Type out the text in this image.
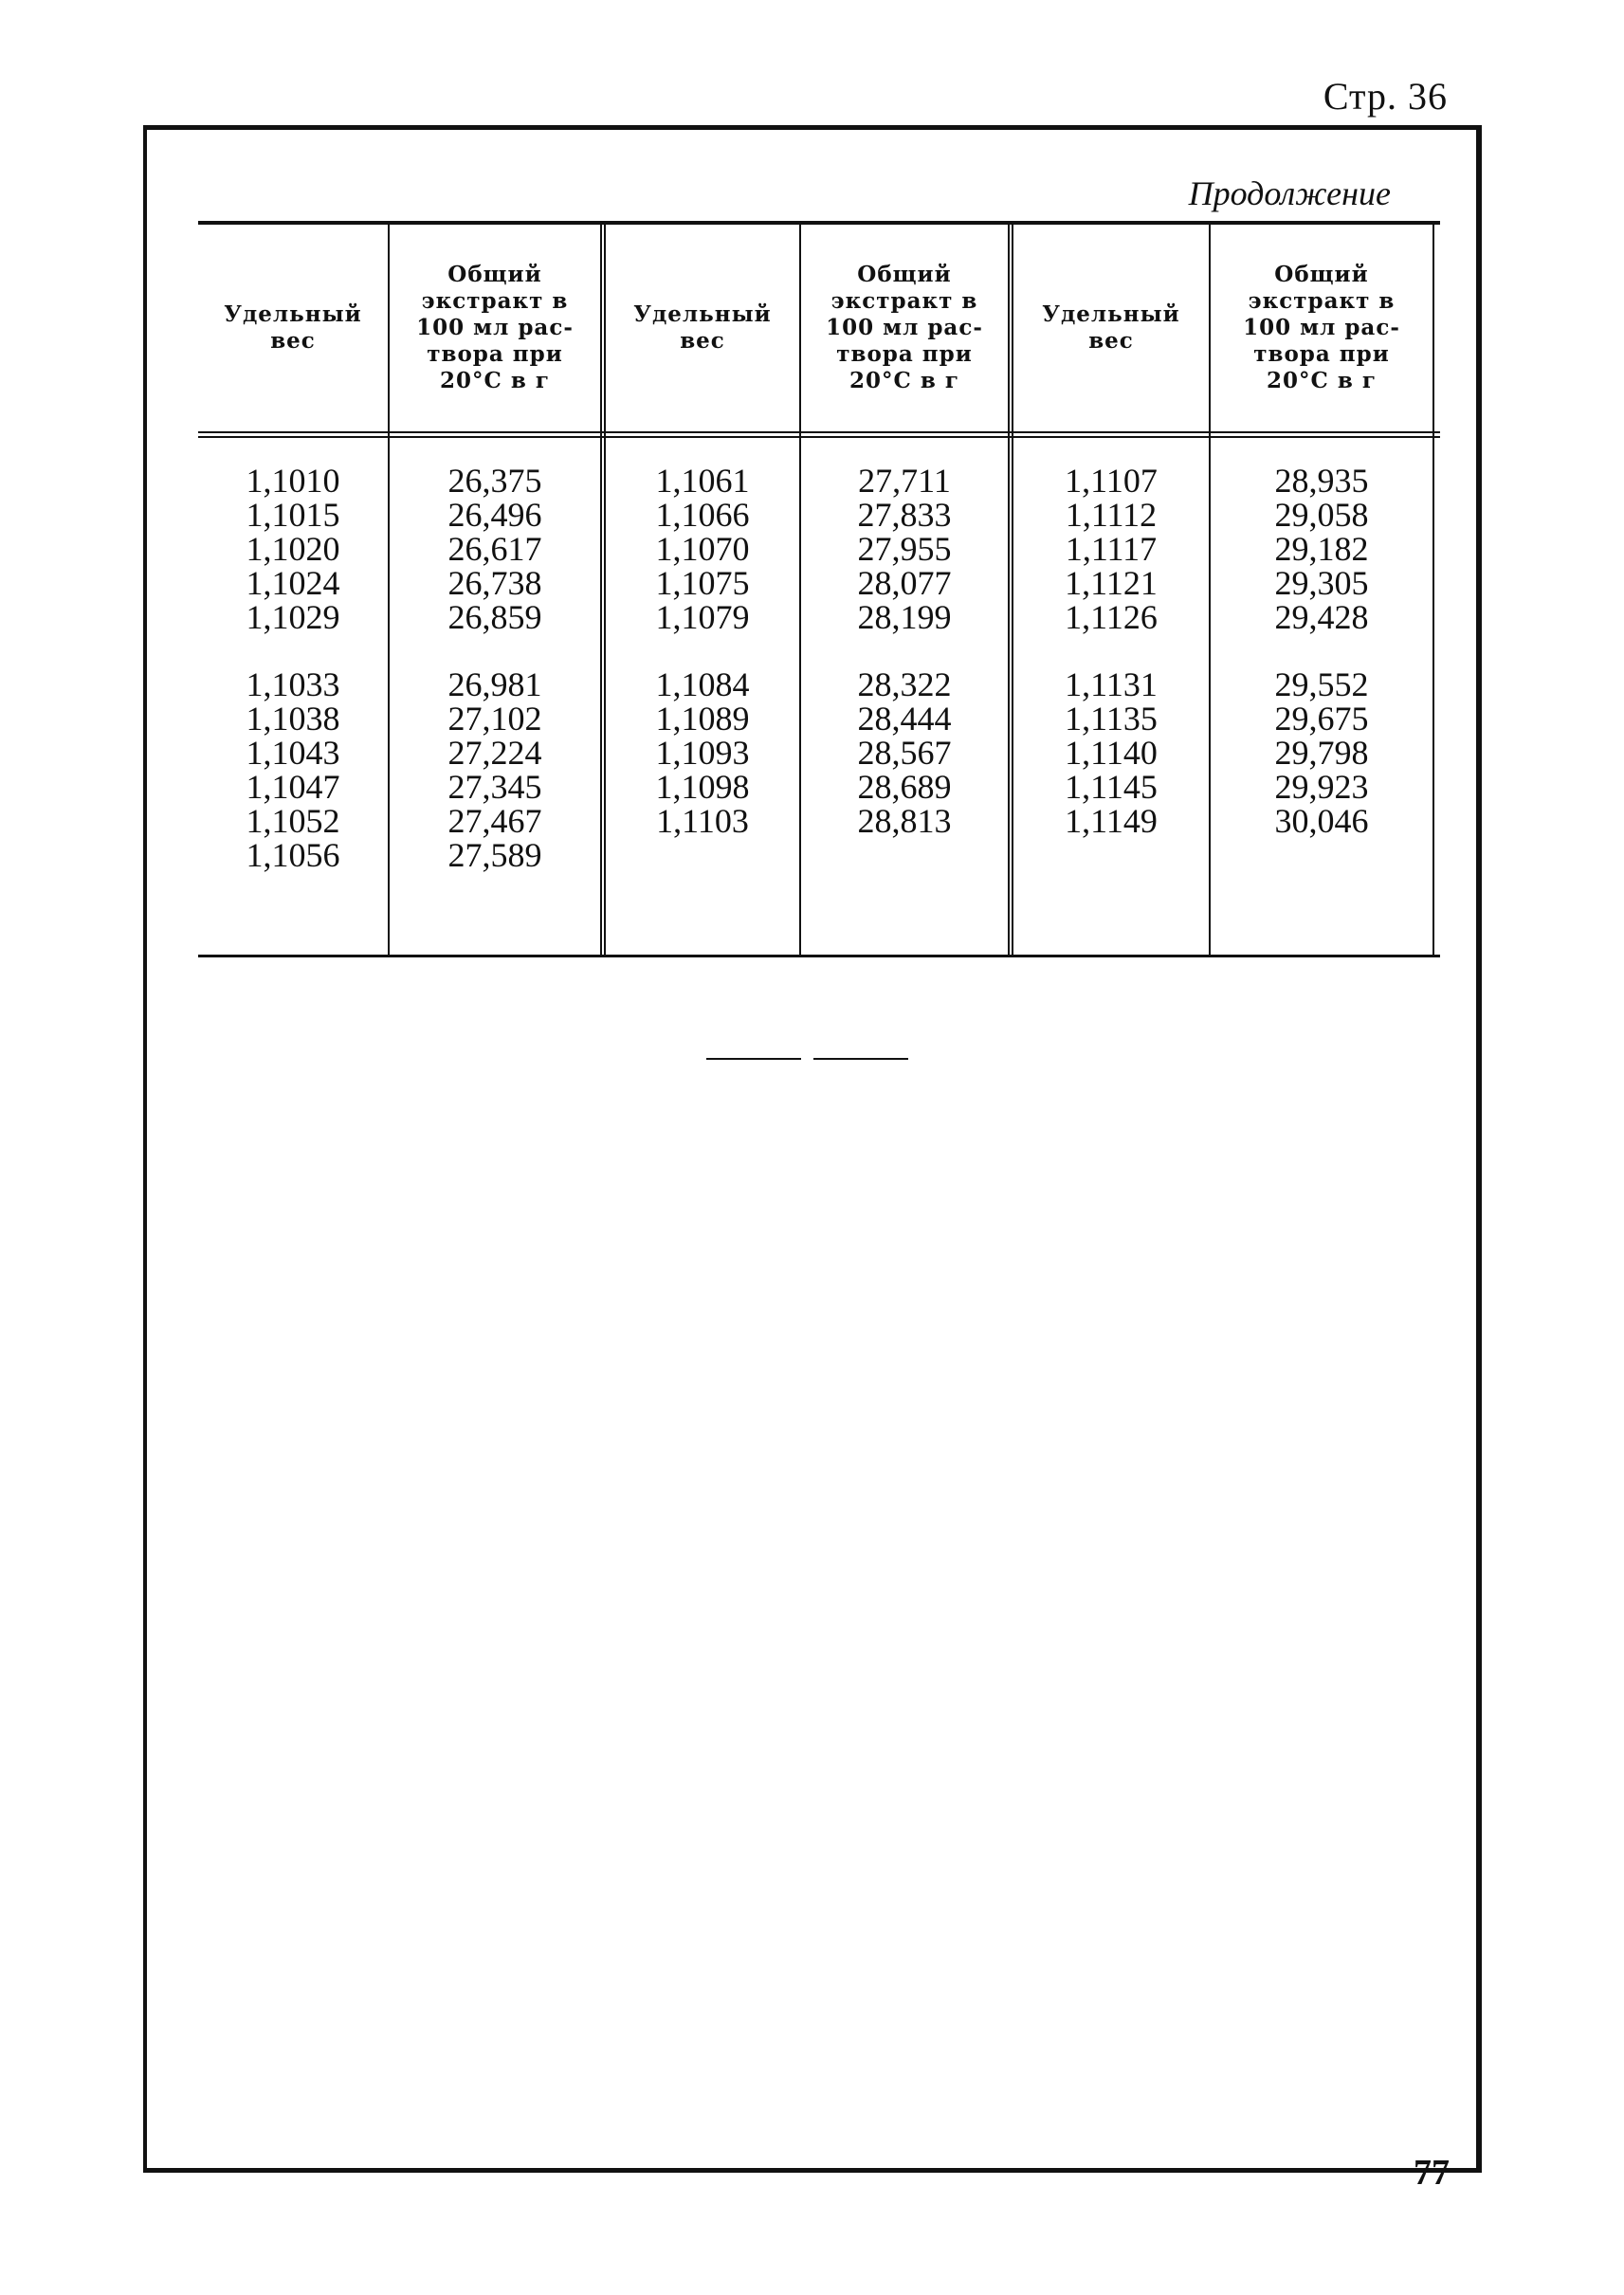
Стр. 36
Продолжение
Удельный
вес
Общий
экстракт в
100 мл рас-
твора при
20°С в г
Удельный
вес
Общий
экстракт в
100 мл рас-
твора при
20°С в г
Удельный
вес
Общий
экстракт в
100 мл рас-
твора при
20°С в г
1,1010
1,1015
1,1020
1,1024
1,1029
1,1033
1,1038
1,1043
1,1047
1,1052
1,1056
26,375
26,496
26,617
26,738
26,859
26,981
27,102
27,224
27,345
27,467
27,589
1,1061
1,1066
1,1070
1,1075
1,1079
1,1084
1,1089
1,1093
1,1098
1,1103
27,711
27,833
27,955
28,077
28,199
28,322
28,444
28,567
28,689
28,813
1,1107
1,1112
1,1117
1,1121
1,1126
1,1131
1,1135
1,1140
1,1145
1,1149
28,935
29,058
29,182
29,305
29,428
29,552
29,675
29,798
29,923
30,046
77
